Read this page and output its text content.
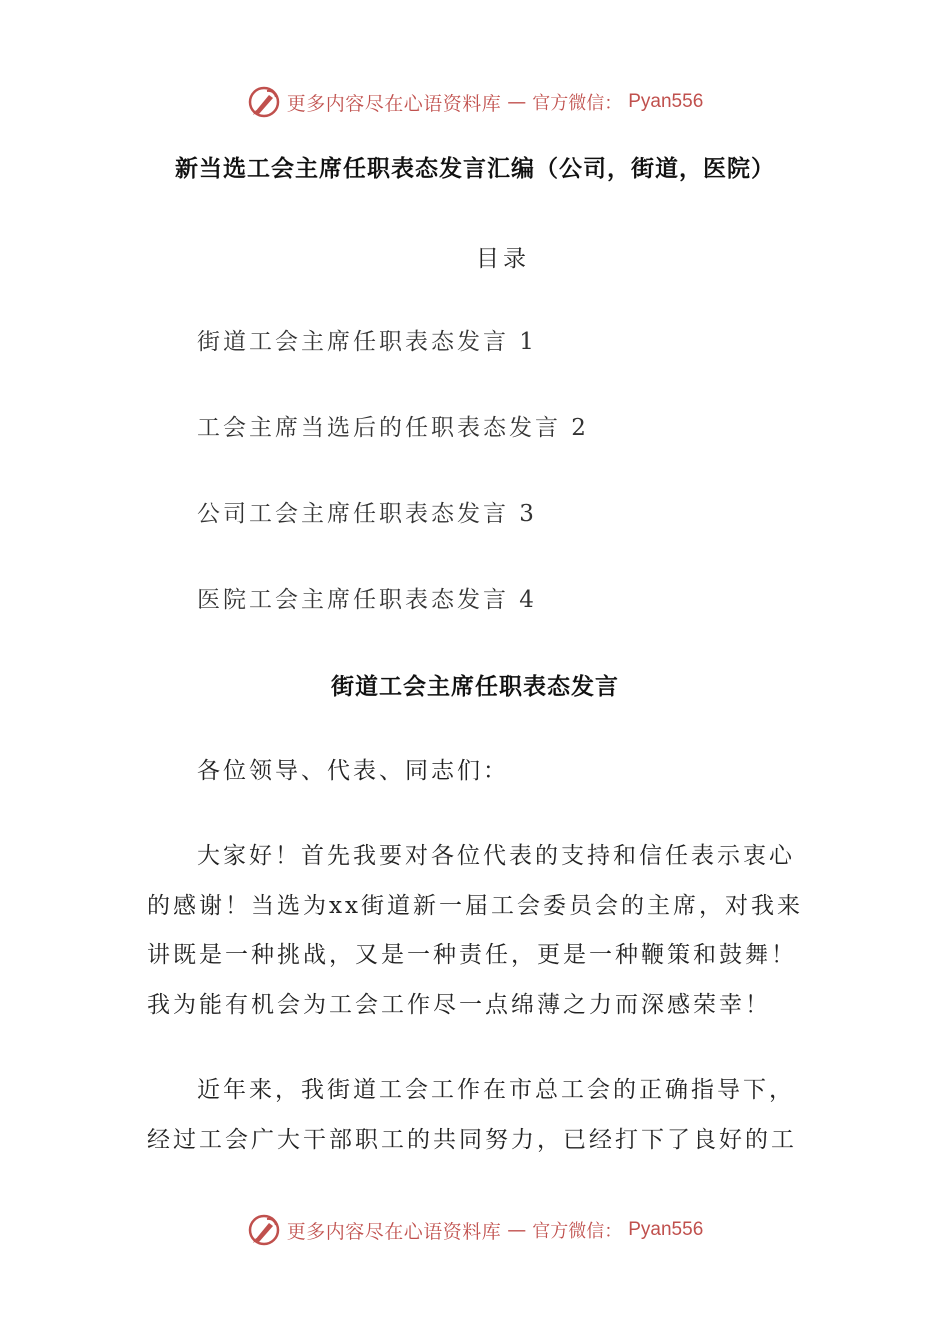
更多内容尽在心语资料库 — 官方微信： Pyan556
新当选工会主席任职表态发言汇编（公司，街道，医院）
目录
街道工会主席任职表态发言 1
工会主席当选后的任职表态发言 2
公司工会主席任职表态发言 3
医院工会主席任职表态发言 4
街道工会主席任职表态发言
各位领导、代表、同志们：

大家好！首先我要对各位代表的支持和信任表示衷心
的感谢！当选为xx街道新一届工会委员会的主席，对我来
讲既是一种挑战，又是一种责任，更是一种鞭策和鼓舞！
我为能有机会为工会工作尽一点绵薄之力而深感荣幸！

近年来，我街道工会工作在市总工会的正确指导下，
经过工会广大干部职工的共同努力，已经打下了良好的工

更多内容尽在心语资料库 — 官方微信： Pyan556
